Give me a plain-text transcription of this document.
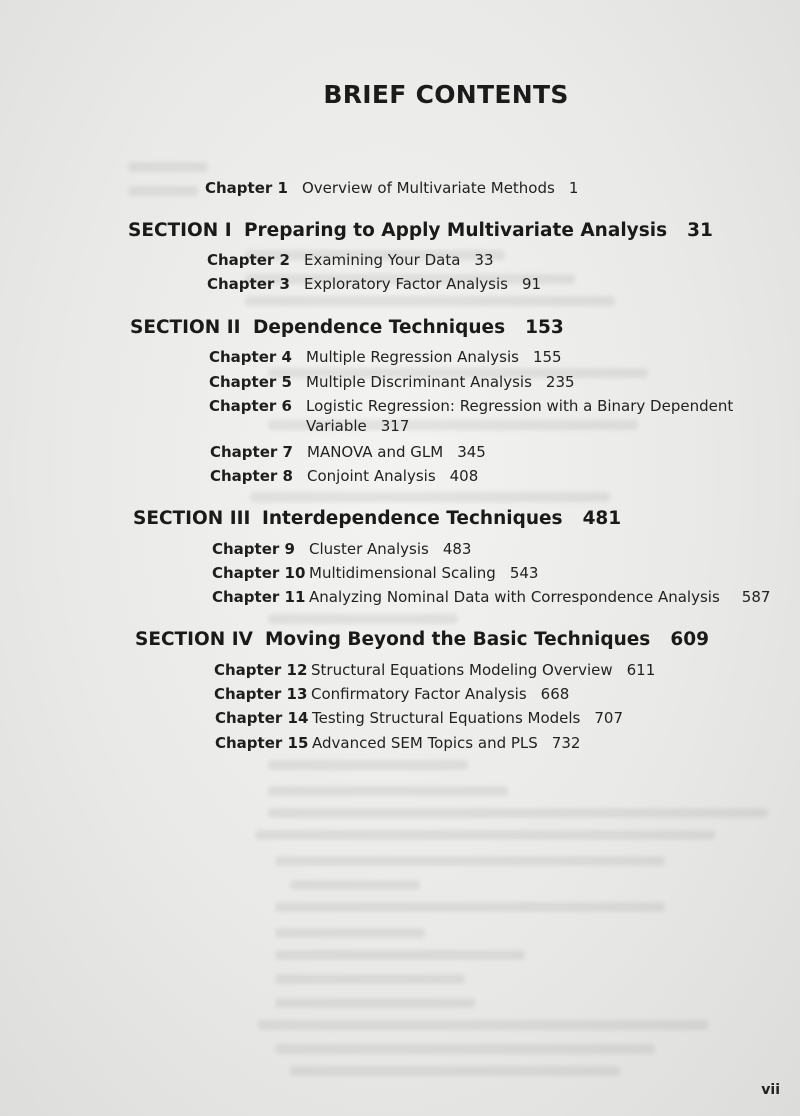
BRIEF CONTENTS
Chapter 1 Overview of Multivariate Methods 1
SECTION I Preparing to Apply Multivariate Analysis 31
Chapter 2 Examining Your Data 33
Chapter 3 Exploratory Factor Analysis 91
SECTION II Dependence Techniques 153
Chapter 4 Multiple Regression Analysis 155
Chapter 5 Multiple Discriminant Analysis 235
Chapter 6 Logistic Regression: Regression with a Binary Dependent
Variable 317
Chapter 7 MANOVA and GLM 345
Chapter 8 Conjoint Analysis 408
SECTION III Interdependence Techniques 481
Chapter 9 Cluster Analysis 483
Chapter 10 Multidimensional Scaling 543
Chapter 11 Analyzing Nominal Data with Correspondence Analysis 587
SECTION IV Moving Beyond the Basic Techniques 609
Chapter 12 Structural Equations Modeling Overview 611
Chapter 13 Confirmatory Factor Analysis 668
Chapter 14 Testing Structural Equations Models 707
Chapter 15 Advanced SEM Topics and PLS 732
vii
